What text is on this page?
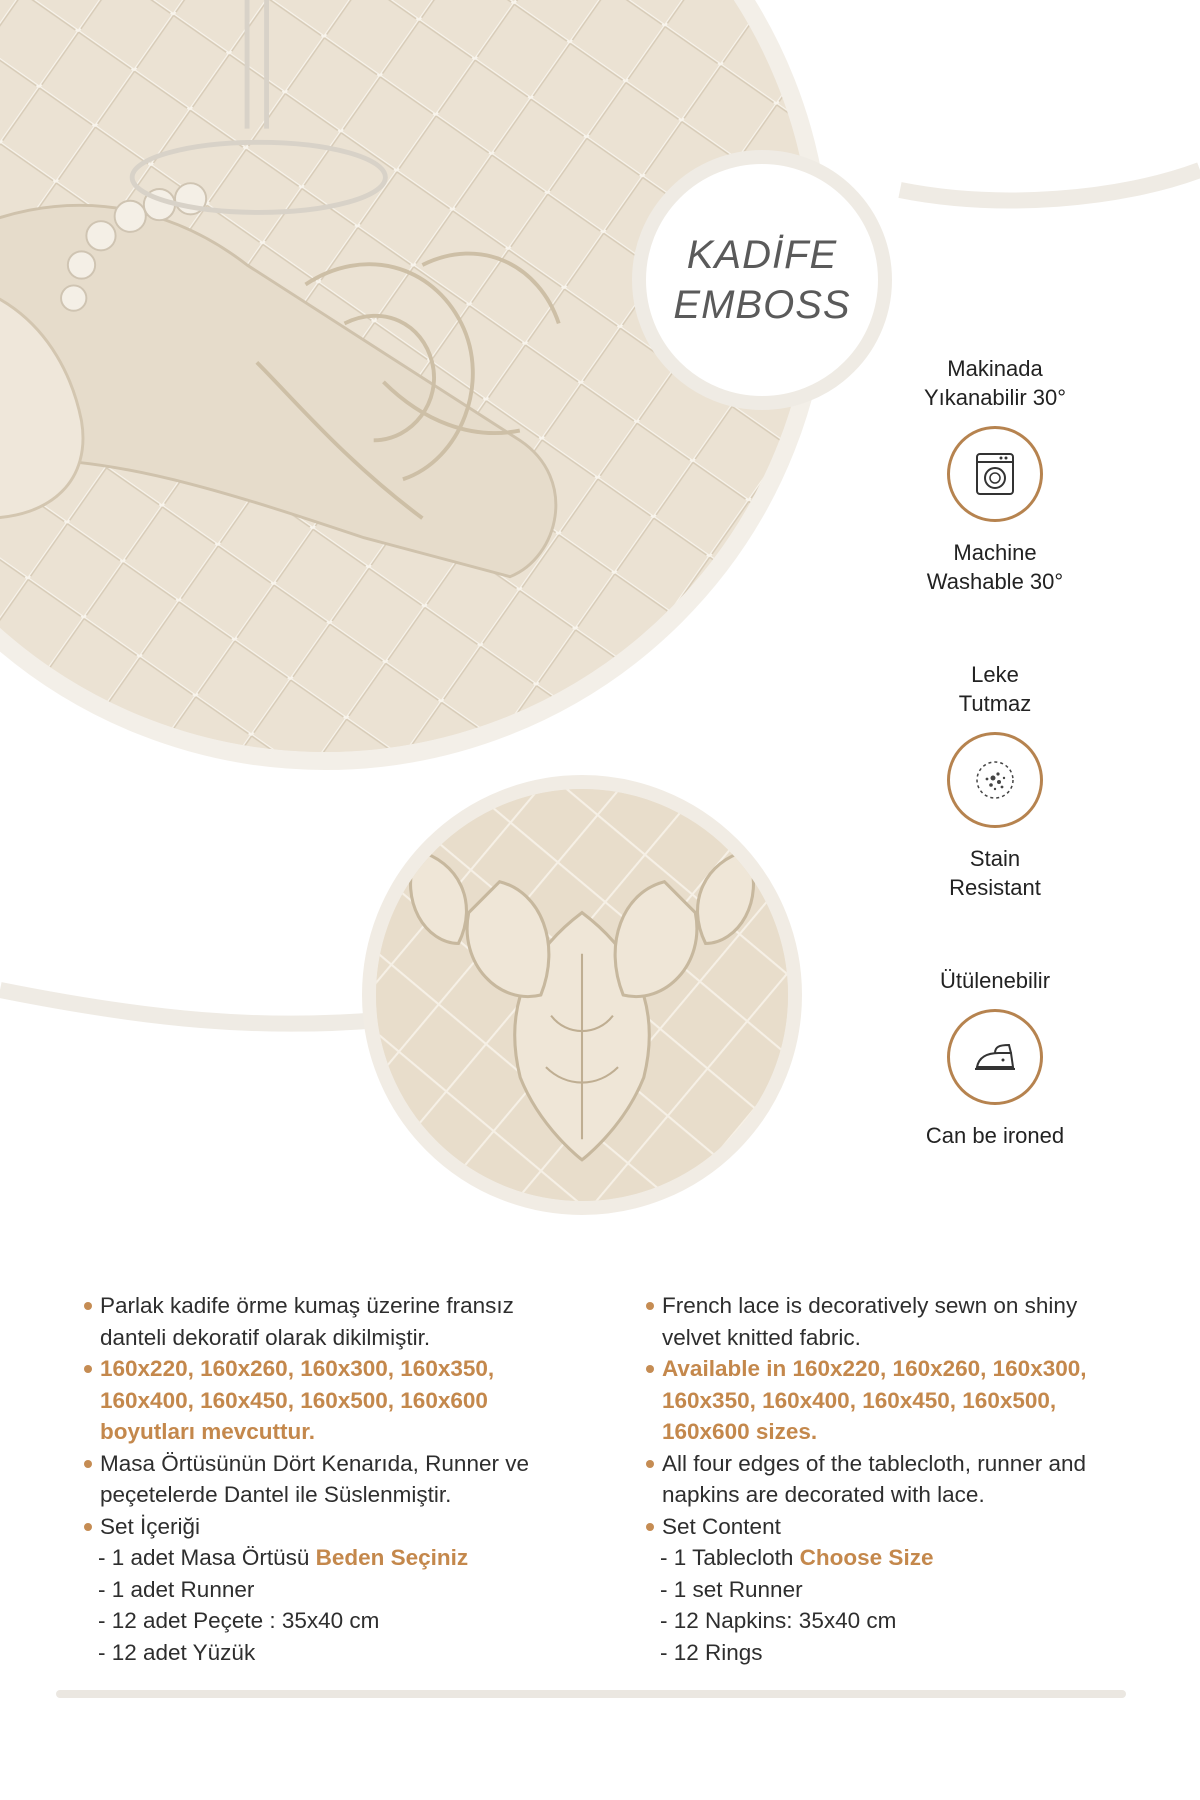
KADİFE
EMBOSS
Makinada
Yıkanabilir 30°
Machine
Washable 30°
Leke
Tutmaz
Stain
Resistant
Ütülenebilir
Can be ironed
Parlak kadife örme kumaş üzerine fransız danteli dekoratif olarak dikilmiştir.
160x220, 160x260, 160x300, 160x350, 160x400, 160x450, 160x500, 160x600 boyutları mevcuttur.
Masa Örtüsünün Dört Kenarıda, Runner ve peçetelerde Dantel ile Süslenmiştir.
Set İçeriği
- 1 adet Masa Örtüsü Beden Seçiniz
- 1 adet Runner
- 12 adet Peçete : 35x40 cm
- 12 adet Yüzük
French lace is decoratively sewn on shiny velvet knitted fabric.
Available in 160x220, 160x260, 160x300, 160x350, 160x400, 160x450, 160x500, 160x600 sizes.
All four edges of the tablecloth, runner and napkins are decorated with lace.
Set Content
- 1 Tablecloth Choose Size
- 1 set Runner
- 12 Napkins: 35x40 cm
- 12 Rings
